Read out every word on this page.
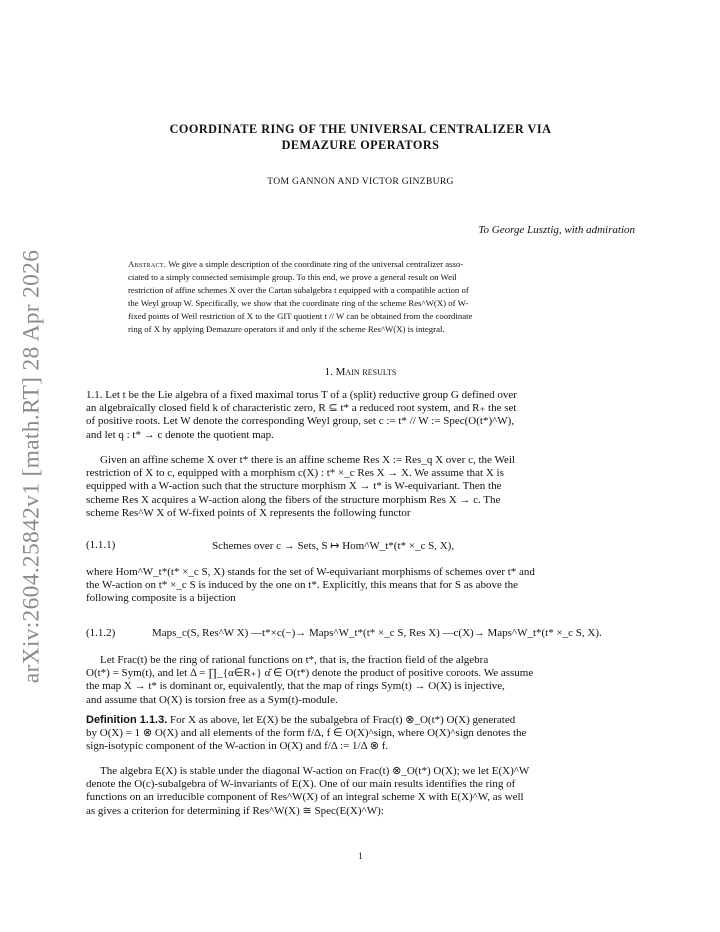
arXiv:2604.25842v1 [math.RT] 28 Apr 2026
COORDINATE RING OF THE UNIVERSAL CENTRALIZER VIA
DEMAZURE OPERATORS
TOM GANNON AND VICTOR GINZBURG
To George Lusztig, with admiration
Abstract. We give a simple description of the coordinate ring of the universal centralizer asso-
ciated to a simply connected semisimple group. To this end, we prove a general result on Weil
restriction of affine schemes X over the Cartan subalgebra t equipped with a compatible action of
the Weyl group W. Specifically, we show that the coordinate ring of the scheme Res^W(X) of W-
fixed points of Weil restriction of X to the GIT quotient t // W can be obtained from the coordinate
ring of X by applying Demazure operators if and only if the scheme Res^W(X) is integral.
1. Main results
1.1. Let t be the Lie algebra of a fixed maximal torus T of a (split) reductive group G defined over
an algebraically closed field k of characteristic zero, R ⊆ t* a reduced root system, and R₊ the set
of positive roots. Let W denote the corresponding Weyl group, set c := t* // W := Spec(O(t*)^W),
and let q : t* → c denote the quotient map.
Given an affine scheme X over t* there is an affine scheme Res X := Res_q X over c, the Weil
restriction of X to c, equipped with a morphism c(X) : t* ×_c Res X → X. We assume that X is
equipped with a W-action such that the structure morphism X → t* is W-equivariant. Then the
scheme Res X acquires a W-action along the fibers of the structure morphism Res X → c. The
scheme Res^W X of W-fixed points of X represents the following functor
(1.1.1)	Schemes over c → Sets, S ↦ Hom^W_t*(t* ×_c S, X),
where Hom^W_t*(t* ×_c S, X) stands for the set of W-equivariant morphisms of schemes over t* and
the W-action on t* ×_c S is induced by the one on t*. Explicitly, this means that for S as above the
following composite is a bijection
(1.1.2)	Maps_c(S, Res^W X) —t*×c(−)→ Maps^W_t*(t* ×_c S, Res X) —c(X)→ Maps^W_t*(t* ×_c S, X).
Let Frac(t) be the ring of rational functions on t*, that is, the fraction field of the algebra
O(t*) = Sym(t), and let Δ = ∏_{α∈R₊} α̌ ∈ O(t*) denote the product of positive coroots. We assume
the map X → t* is dominant or, equivalently, that the map of rings Sym(t) → O(X) is injective,
and assume that O(X) is torsion free as a Sym(t)-module.
Definition 1.1.3. For X as above, let E(X) be the subalgebra of Frac(t) ⊗_O(t*) O(X) generated
by O(X) = 1 ⊗ O(X) and all elements of the form f/Δ, f ∈ O(X)^sign, where O(X)^sign denotes the
sign-isotypic component of the W-action in O(X) and f/Δ := 1/Δ ⊗ f.
The algebra E(X) is stable under the diagonal W-action on Frac(t) ⊗_O(t*) O(X); we let E(X)^W
denote the O(c)-subalgebra of W-invariants of E(X). One of our main results identifies the ring of
functions on an irreducible component of Res^W(X) of an integral scheme X with E(X)^W, as well
as gives a criterion for determining if Res^W(X) ≅ Spec(E(X)^W):
1
